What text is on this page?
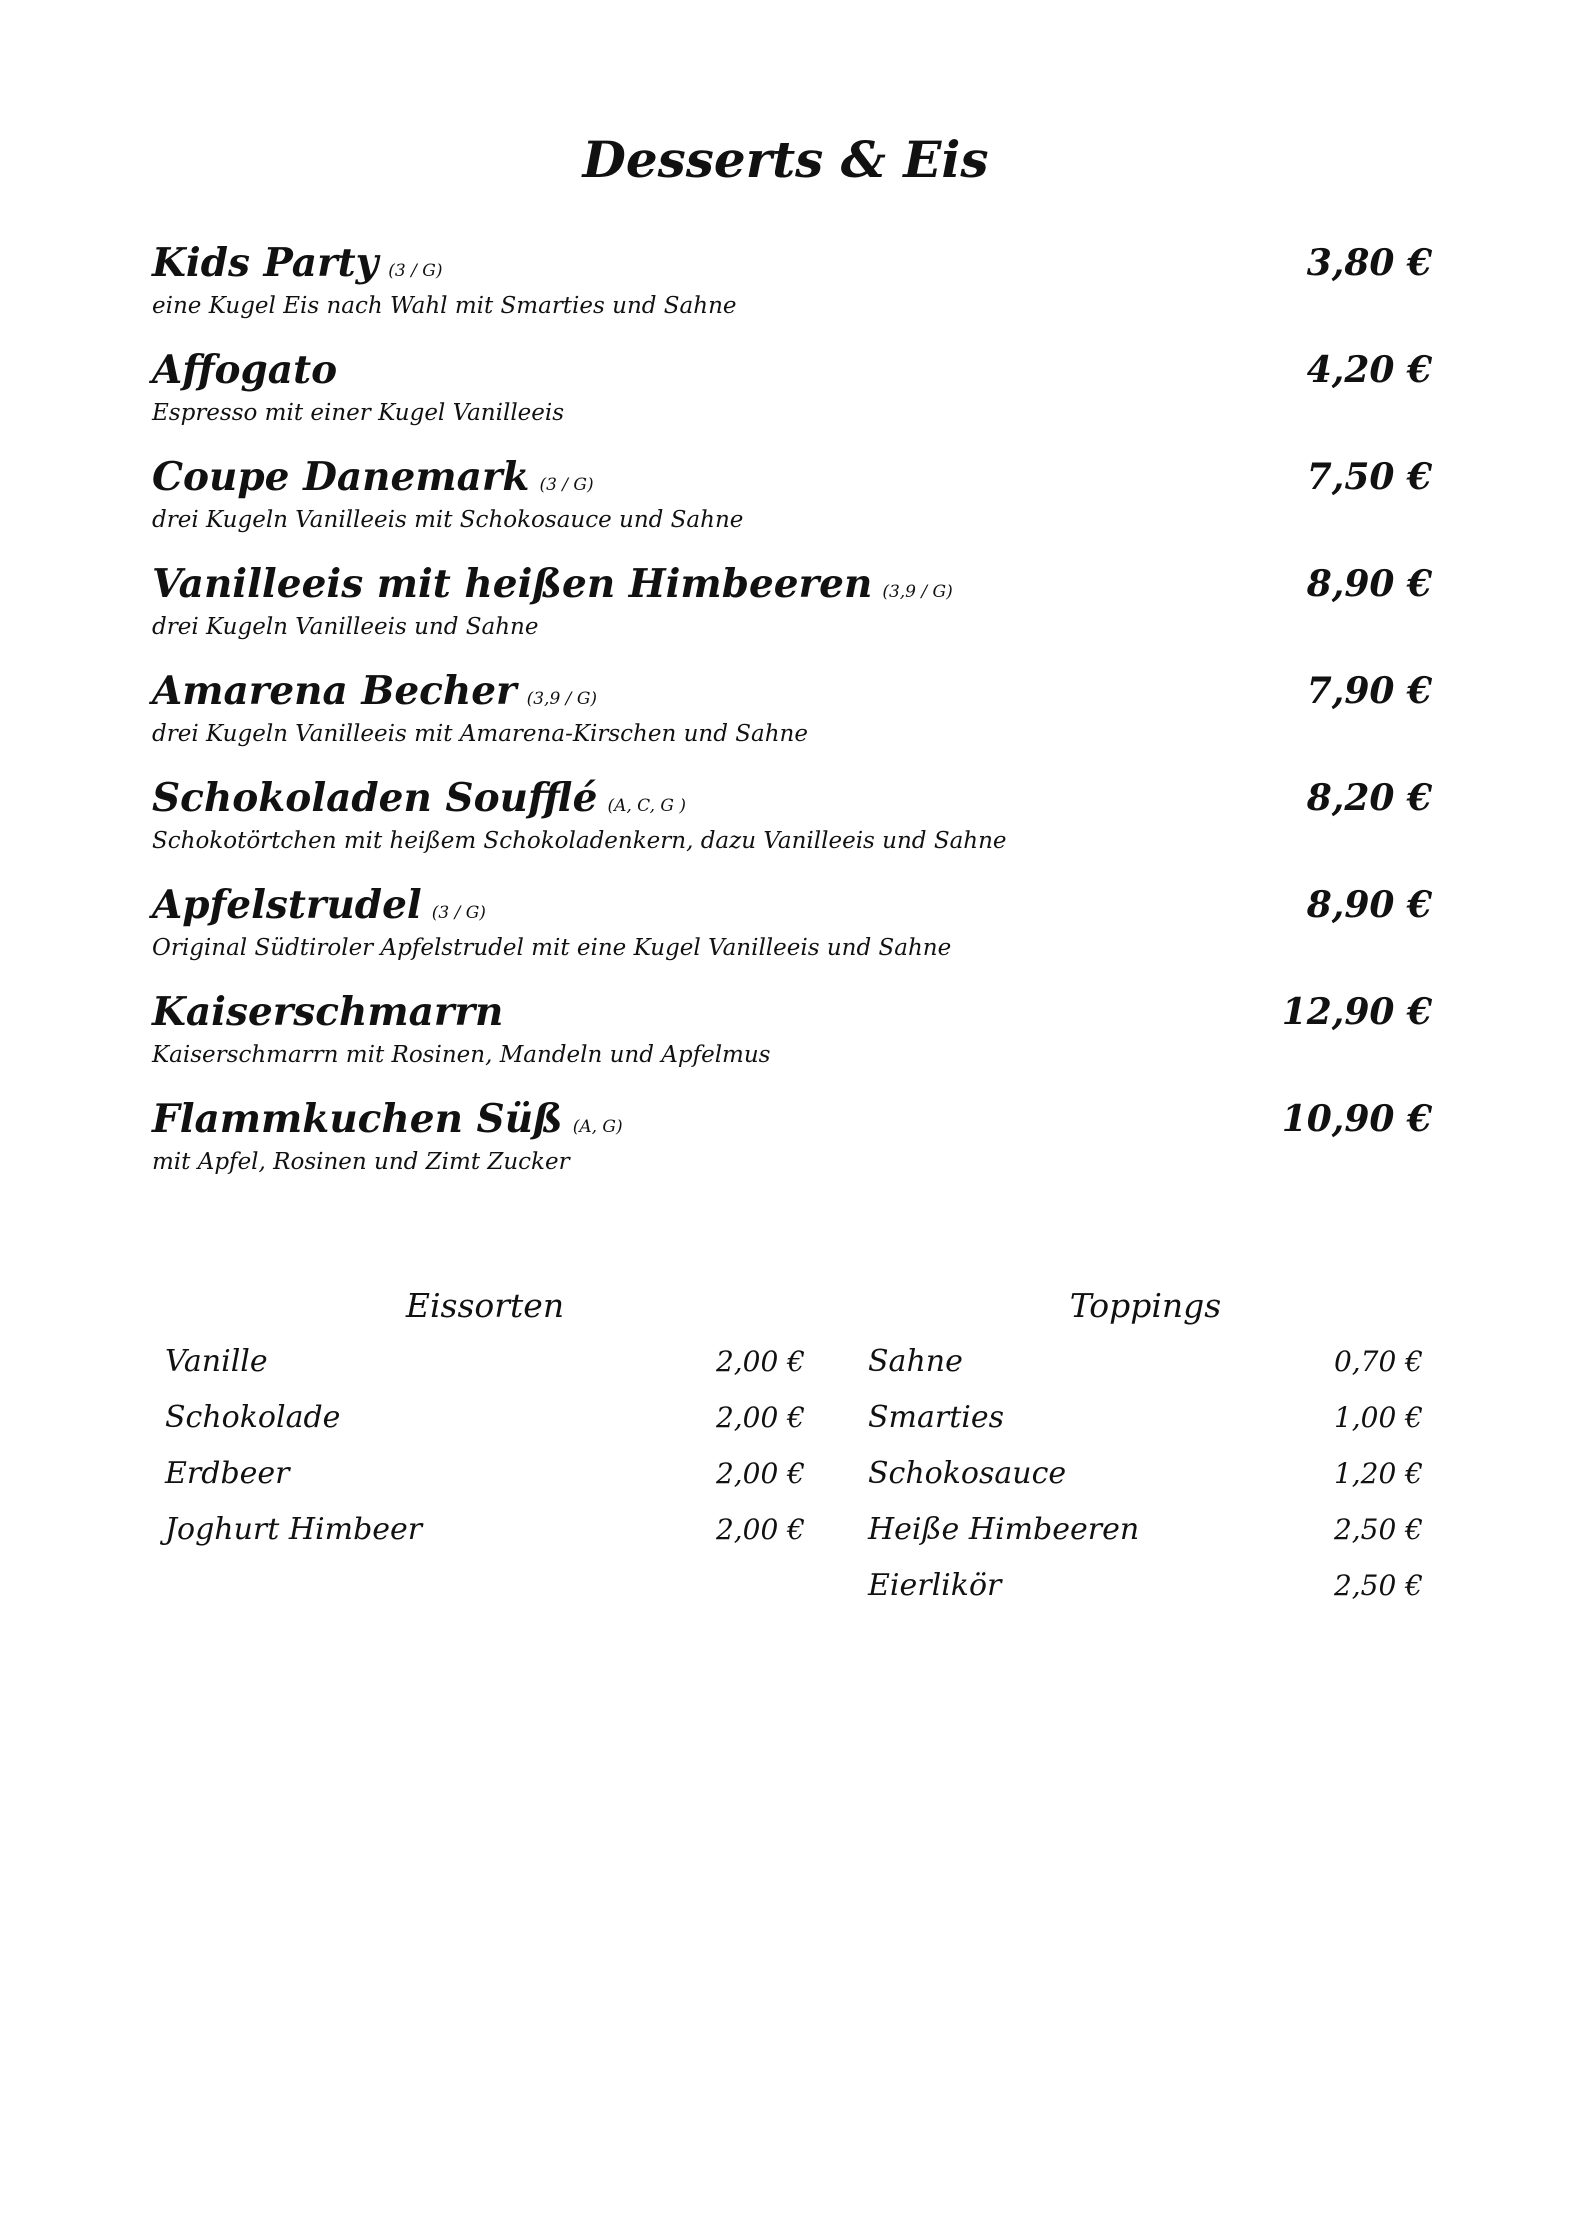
Desserts & Eis
Kids Party (3 / G)	3,80 €
eine Kugel Eis nach Wahl mit Smarties und Sahne
Affogato	4,20 €
Espresso mit einer Kugel Vanilleeis
Coupe Danemark (3 / G)	7,50 €
drei Kugeln Vanilleeis mit Schokosauce und Sahne
Vanilleeis mit heißen Himbeeren (3,9 / G)	8,90 €
drei Kugeln Vanilleeis und Sahne
Amarena Becher (3,9 / G)	7,90 €
drei Kugeln Vanilleeis mit Amarena-Kirschen und Sahne
Schokoladen Soufflé (A, C, G )	8,20 €
Schokotörtchen mit heißem Schokoladenkern, dazu Vanilleeis und Sahne
Apfelstrudel (3 / G)	8,90 €
Original Südtiroler Apfelstrudel mit eine Kugel Vanilleeis und Sahne
Kaiserschmarrn	12,90 €
Kaiserschmarrn mit Rosinen, Mandeln und Apfelmus
Flammkuchen Süß (A, G)	10,90 €
mit Apfel, Rosinen und Zimt Zucker
Eissorten
Vanille	2,00 €
Schokolade	2,00 €
Erdbeer	2,00 €
Joghurt Himbeer	2,00 €
Toppings
Sahne	0,70 €
Smarties	1,00 €
Schokosauce	1,20 €
Heiße Himbeeren	2,50 €
Eierlikör	2,50 €
